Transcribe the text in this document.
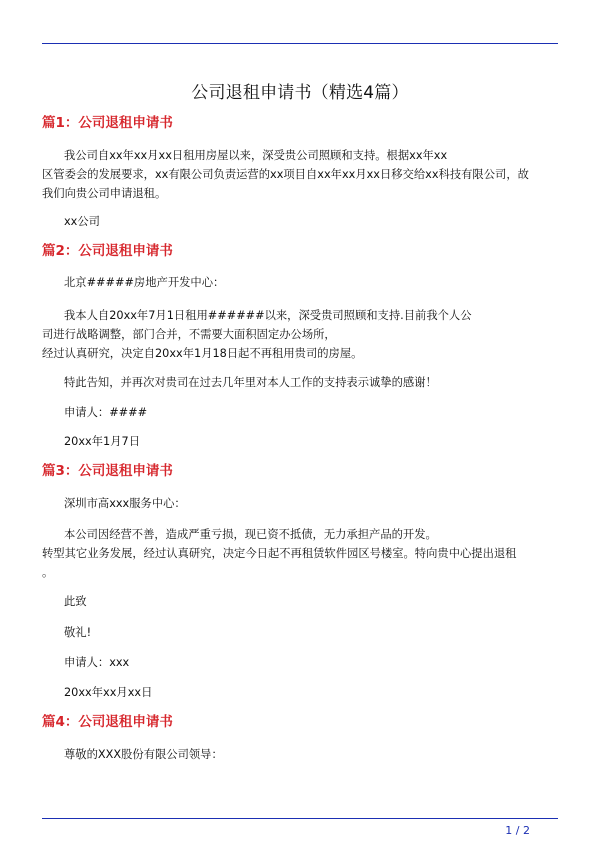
公司退租申请书（精选4篇）
篇1：公司退租申请书
我公司自xx年xx月xx日租用房屋以来，深受贵公司照顾和支持。根据xx年xx
区管委会的发展要求，xx有限公司负责运营的xx项目自xx年xx月xx日移交给xx科技有限公司，故
我们向贵公司申请退租。
xx公司
篇2：公司退租申请书
北京#####房地产开发中心：
我本人自20xx年7月1日租用######以来，深受贵司照顾和支持.目前我个人公
司进行战略调整，部门合并，不需要大面积固定办公场所，
经过认真研究，决定自20xx年1月18日起不再租用贵司的房屋。
特此告知，并再次对贵司在过去几年里对本人工作的支持表示诚挚的感谢！
申请人：####
20xx年1月7日
篇3：公司退租申请书
深圳市高xxx服务中心：
本公司因经营不善，造成严重亏损，现已资不抵债，无力承担产品的开发。
转型其它业务发展，经过认真研究，决定今日起不再租赁软件园区号楼室。特向贵中心提出退租
。
此致
敬礼!
申请人：xxx
20xx年xx月xx日
篇4：公司退租申请书
尊敬的XXX股份有限公司领导：
1 / 2
